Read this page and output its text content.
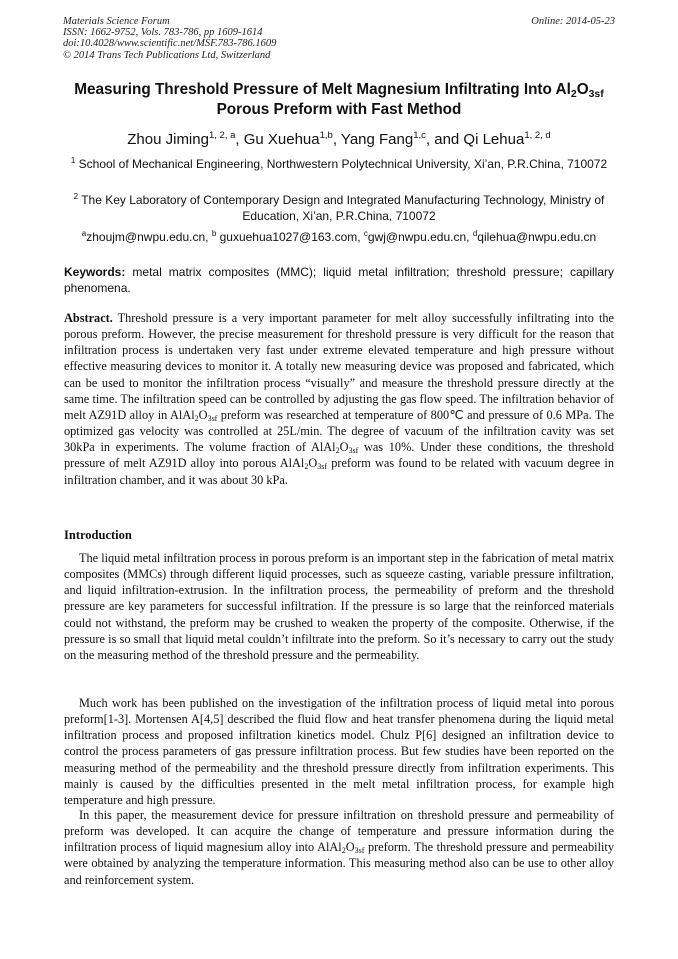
Materials Science Forum
ISSN: 1662-9752, Vols. 783-786, pp 1609-1614
doi:10.4028/www.scientific.net/MSF.783-786.1609
© 2014 Trans Tech Publications Ltd, Switzerland
Online: 2014-05-23
Measuring Threshold Pressure of Melt Magnesium Infiltrating Into $Al_2O_{3sf}$
Porous Preform with Fast Method
Zhou Jiming$^{1, 2, a}$, Gu Xuehua$^{1,b}$, Yang Fang$^{1,c}$, and Qi Lehua$^{1, 2, d}$
$^1$ School of Mechanical Engineering, Northwestern Polytechnical University, Xi’an, P.R.China, 710072
$^2$ The Key Laboratory of Contemporary Design and Integrated Manufacturing Technology, Ministry of Education, Xi’an, P.R.China, 710072
$^a$zhoujm@nwpu.edu.cn, $^b$ guxuehua1027@163.com, $^c$gwj@nwpu.edu.cn, $^d$qilehua@nwpu.edu.cn
Keywords: metal matrix composites (MMC); liquid metal infiltration; threshold pressure; capillary phenomena.
Abstract. Threshold pressure is a very important parameter for melt alloy successfully infiltrating into the porous preform. However, the precise measurement for threshold pressure is very difficult for the reason that infiltration process is undertaken very fast under extreme elevated temperature and high pressure without effective measuring devices to monitor it. A totally new measuring device was proposed and fabricated, which can be used to monitor the infiltration process “visually” and measure the threshold pressure directly at the same time. The infiltration speed can be controlled by adjusting the gas flow speed. The infiltration behavior of melt AZ91D alloy in $AlAl_2O_{3sf}$ preform was researched at temperature of 800℃ and pressure of 0.6 MPa. The optimized gas velocity was controlled at 25L/min. The degree of vacuum of the infiltration cavity was set 30kPa in experiments. The volume fraction of $AlAl_2O_{3sf}$ was 10%. Under these conditions, the threshold pressure of melt AZ91D alloy into porous $AlAl_2O_{3sf}$ preform was found to be related with vacuum degree in infiltration chamber, and it was about 30 kPa.
Introduction

The liquid metal infiltration process in porous preform is an important step in the fabrication of metal matrix composites (MMCs) through different liquid processes, such as squeeze casting, variable pressure infiltration, and liquid infiltration-extrusion. In the infiltration process, the permeability of preform and the threshold pressure are key parameters for successful infiltration. If the pressure is so large that the reinforced materials could not withstand, the preform may be crushed to weaken the property of the composite. Otherwise, if the pressure is so small that liquid metal couldn’t infiltrate into the preform. So it’s necessary to carry out the study on the measuring method of the threshold pressure and the permeability.

Much work has been published on the investigation of the infiltration process of liquid metal into porous preform[1-3]. Mortensen A[4,5] described the fluid flow and heat transfer phenomena during the liquid metal infiltration process and proposed infiltration kinetics model. Chulz P[6] designed an infiltration device to control the process parameters of gas pressure infiltration process. But few studies have been reported on the measuring method of the permeability and the threshold pressure directly from infiltration experiments. This mainly is caused by the difficulties presented in the melt metal infiltration process, for example high temperature and high pressure.

In this paper, the measurement device for pressure infiltration on threshold pressure and permeability of preform was developed. It can acquire the change of temperature and pressure information during the infiltration process of liquid magnesium alloy into $AlAl_2O_{3sf}$ preform. The threshold pressure and permeability were obtained by analyzing the temperature information. This measuring method also can be use to other alloy and reinforcement system.
